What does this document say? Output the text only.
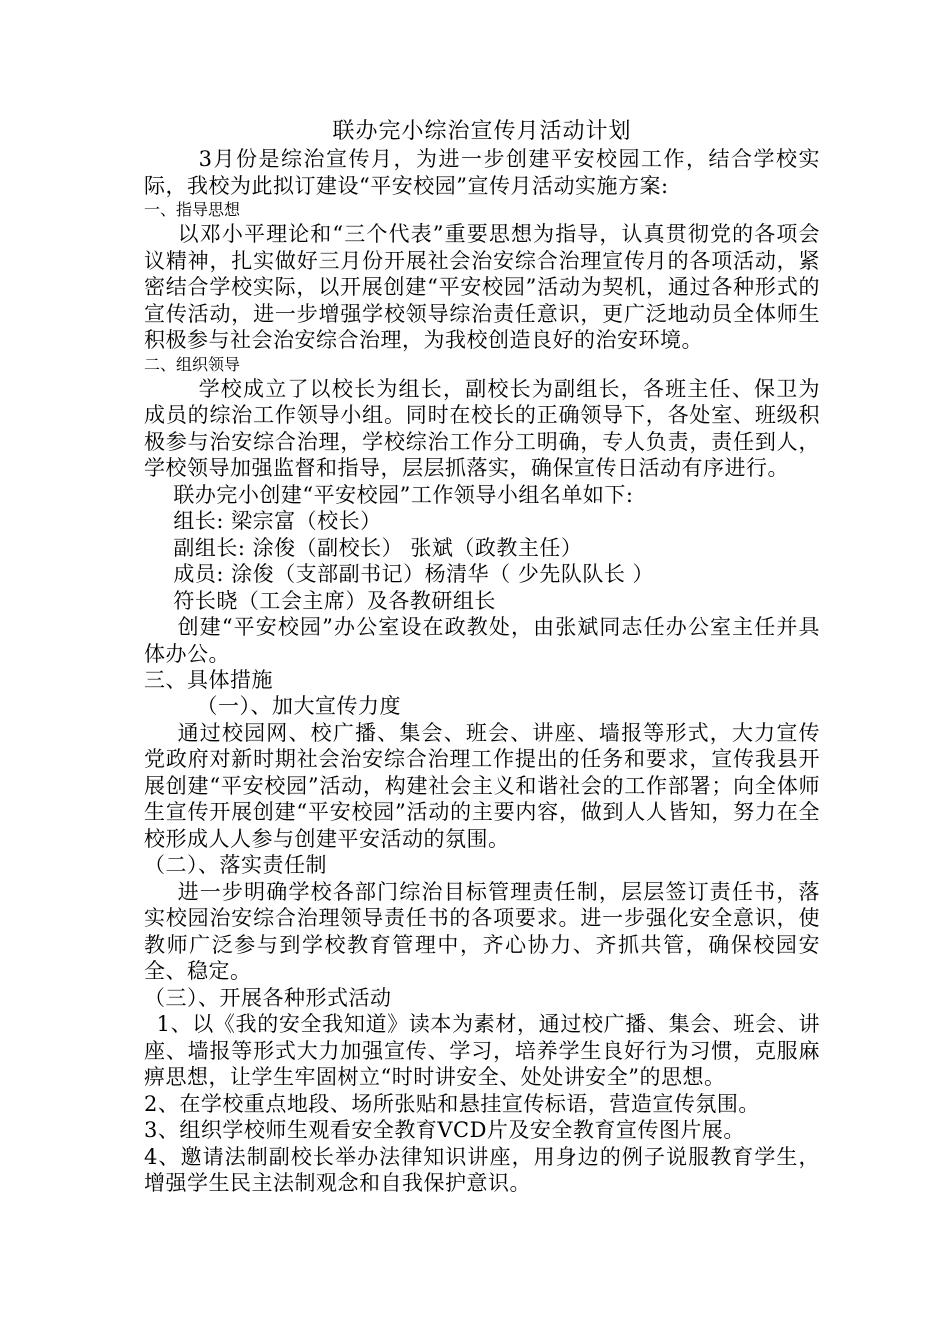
联办完小综治宣传月活动计划

3月份是综治宣传月，为进一步创建平安校园工作，结合学校实际，我校为此拟订建设“平安校园”宣传月活动实施方案:

一、指导思想

以邓小平理论和“三个代表”重要思想为指导，认真贯彻党的各项会议精神，扎实做好三月份开展社会治安综合治理宣传月的各项活动，紧密结合学校实际，以开展创建“平安校园”活动为契机，通过各种形式的宣传活动，进一步增强学校领导综治责任意识，更广泛地动员全体师生积极参与社会治安综合治理，为我校创造良好的治安环境。

二、组织领导

学校成立了以校长为组长，副校长为副组长，各班主任、保卫为成员的综治工作领导小组。同时在校长的正确领导下，各处室、班级积极参与治安综合治理，学校综治工作分工明确，专人负责，责任到人，学校领导加强监督和指导，层层抓落实，确保宣传日活动有序进行。

联办完小创建“平安校园”工作领导小组名单如下:

组长: 梁宗富（校长）

副组长: 涂俊（副校长） 张斌（政教主任）

成员: 涂俊（支部副书记）杨清华（ 少先队队长 ）

符长晓（工会主席）及各教研组长

创建“平安校园”办公室设在政教处，由张斌同志任办公室主任并具体办公。

三、具体措施

（一）、加大宣传力度

通过校园网、校广播、集会、班会、讲座、墙报等形式，大力宣传党政府对新时期社会治安综合治理工作提出的任务和要求，宣传我县开展创建“平安校园”活动，构建社会主义和谐社会的工作部署；向全体师生宣传开展创建“平安校园”活动的主要内容，做到人人皆知，努力在全校形成人人参与创建平安活动的氛围。

（二）、落实责任制

进一步明确学校各部门综治目标管理责任制，层层签订责任书，落实校园治安综合治理领导责任书的各项要求。进一步强化安全意识，使教师广泛参与到学校教育管理中，齐心协力、齐抓共管，确保校园安全、稳定。

（三）、开展各种形式活动

1、以《我的安全我知道》读本为素材，通过校广播、集会、班会、讲座、墙报等形式大力加强宣传、学习，培养学生良好行为习惯，克服麻痹思想，让学生牢固树立“时时讲安全、处处讲安全”的思想。

2、在学校重点地段、场所张贴和悬挂宣传标语，营造宣传氛围。

3、组织学校师生观看安全教育VCD片及安全教育宣传图片展。

4、邀请法制副校长举办法律知识讲座，用身边的例子说服教育学生，增强学生民主法制观念和自我保护意识。
